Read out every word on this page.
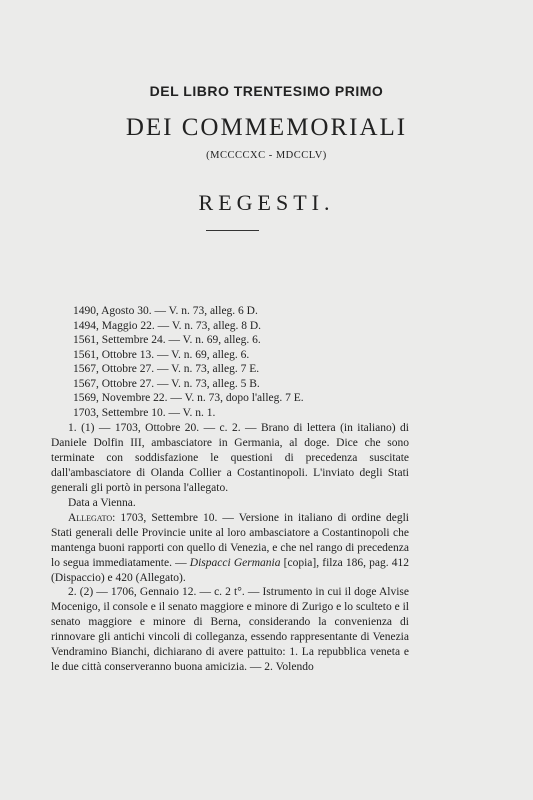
DEL LIBRO TRENTESIMO PRIMO
DEI COMMEMORIALI
(MCCCCXC - MDCCLV)
REGESTI.
1490, Agosto 30. — V. n. 73, alleg. 6 D.
1494, Maggio 22. — V. n. 73, alleg. 8 D.
1561, Settembre 24. — V. n. 69, alleg. 6.
1561, Ottobre 13. — V. n. 69, alleg. 6.
1567, Ottobre 27. — V. n. 73, alleg. 7 E.
1567, Ottobre 27. — V. n. 73, alleg. 5 B.
1569, Novembre 22. — V. n. 73, dopo l'alleg. 7 E.
1703, Settembre 10. — V. n. 1.

1. (1) — 1703, Ottobre 20. — c. 2. — Brano di lettera (in italiano) di Daniele Dolfin III, ambasciatore in Germania, al doge. Dice che sono terminate con soddisfazione le questioni di precedenza suscitate dall'ambasciatore di Olanda Collier a Costantinopoli. L'inviato degli Stati generali gli portò in persona l'allegato.

Data a Vienna.

Allegato: 1703, Settembre 10. — Versione in italiano di ordine degli Stati generali delle Provincie unite al loro ambasciatore a Costantinopoli che mantenga buoni rapporti con quello di Venezia, e che nel rango di precedenza lo segua immediatamente. — Dispacci Germania [copia], filza 186, pag. 412 (Dispaccio) e 420 (Allegato).

2. (2) — 1706, Gennaio 12. — c. 2 t°. — Istrumento in cui il doge Alvise Mocenigo, il console e il senato maggiore e minore di Zurigo e lo sculteto e il senato maggiore e minore di Berna, considerando la convenienza di rinnovare gli antichi vincoli di colleganza, essendo rappresentante di Venezia Vendramino Bianchi, dichiarano di avere pattuito: 1. La repubblica veneta e le due città conserveranno buona amicizia. — 2. Volendo
